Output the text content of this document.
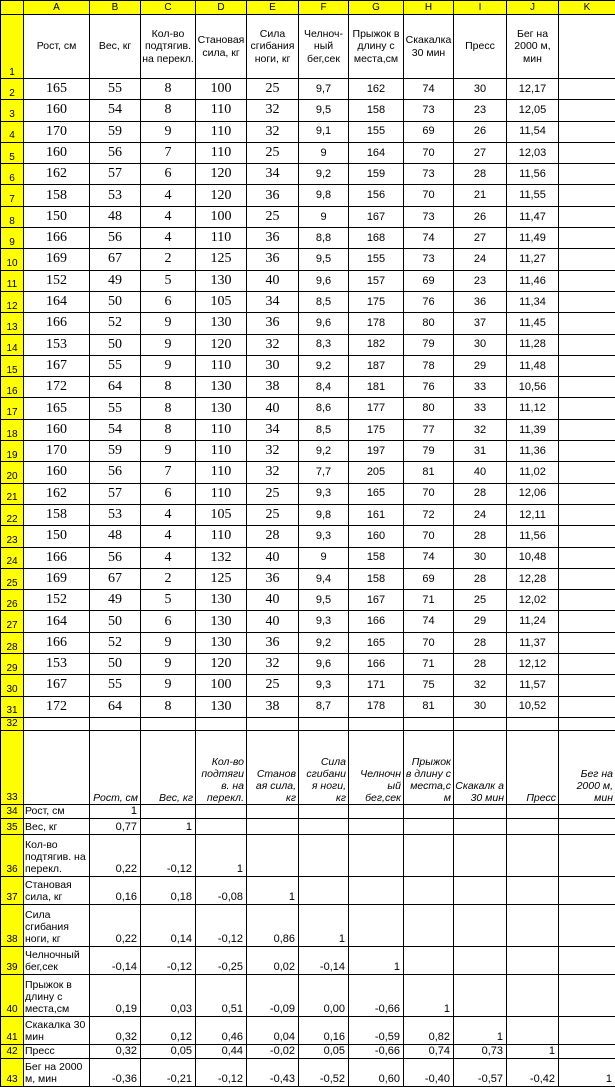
	A	B	C	D	E	F	G	H	I	J	K
1	Рост, см	Вес, кг	Кол-во подтягив. на перекл.	Становая сила, кг	Сила сгибания ноги, кг	Челноч-ный бег,сек	Прыжок в длину с места,см	Скакалка 30 мин	Пресс	Бег на 2000 м, мин	
2	165	55	8	100	25	9,7	162	74	30	12,17	
3	160	54	8	110	32	9,5	158	73	23	12,05	
4	170	59	9	110	32	9,1	155	69	26	11,54	
5	160	56	7	110	25	9	164	70	27	12,03	
6	162	57	6	120	34	9,2	159	73	28	11,56	
7	158	53	4	120	36	9,8	156	70	21	11,55	
8	150	48	4	100	25	9	167	73	26	11,47	
9	166	56	4	110	36	8,8	168	74	27	11,49	
10	169	67	2	125	36	9,5	155	73	24	11,27	
11	152	49	5	130	40	9,6	157	69	23	11,46	
12	164	50	6	105	34	8,5	175	76	36	11,34	
13	166	52	9	130	36	9,6	178	80	37	11,45	
14	153	50	9	120	32	8,3	182	79	30	11,28	
15	167	55	9	110	30	9,2	187	78	29	11,48	
16	172	64	8	130	38	8,4	181	76	33	10,56	
17	165	55	8	130	40	8,6	177	80	33	11,12	
18	160	54	8	110	34	8,5	175	77	32	11,39	
19	170	59	9	110	32	9,2	197	79	31	11,36	
20	160	56	7	110	32	7,7	205	81	40	11,02	
21	162	57	6	110	25	9,3	165	70	28	12,06	
22	158	53	4	105	25	9,8	161	72	24	12,11	
23	150	48	4	110	28	9,3	160	70	28	11,56	
24	166	56	4	132	40	9	158	74	30	10,48	
25	169	67	2	125	36	9,4	158	69	28	12,28	
26	152	49	5	130	40	9,5	167	71	25	12,02	
27	164	50	6	130	40	9,3	166	74	29	11,24	
28	166	52	9	130	36	9,2	165	70	28	11,37	
29	153	50	9	120	32	9,6	166	71	28	12,12	
30	167	55	9	100	25	9,3	171	75	32	11,57	
31	172	64	8	130	38	8,7	178	81	30	10,52	
32											
33		Рост, см	Вес, кг	Кол-во подтяги в. на перекл.	Станов ая сила, кг	Сила сгибани я ноги, кг	Челночн ый бег,сек	Прыжок в длину с места,с м	Скакалк а 30 мин	Пресс	Бег на 2000 м, мин
34	Рост, см	1									
35	Вес, кг	0,77	1								
36	Кол-во подтягив. на перекл.	0,22	-0,12	1							
37	Становая сила, кг	0,16	0,18	-0,08	1						
38	Сила сгибания ноги, кг	0,22	0,14	-0,12	0,86	1					
39	Челночный бег,сек	-0,14	-0,12	-0,25	0,02	-0,14	1				
40	Прыжок в длину с места,см	0,19	0,03	0,51	-0,09	0,00	-0,66	1			
41	Скакалка 30 мин	0,32	0,12	0,46	0,04	0,16	-0,59	0,82	1		
42	Пресс	0,32	0,05	0,44	-0,02	0,05	-0,66	0,74	0,73	1	
43	Бег на 2000 м, мин	-0,36	-0,21	-0,12	-0,43	-0,52	0,60	-0,40	-0,57	-0,42	1
